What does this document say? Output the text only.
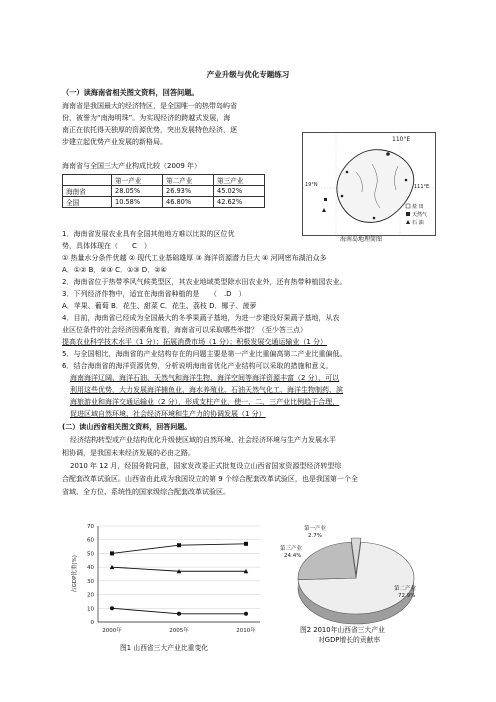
产业升级与优化专题练习
（一）读海南省相关图文资料，回答问题。
海南省是我国最大的经济特区，是全国唯一的热带岛屿省
份，被誉为“南海明珠”。为实现经济的跨越式发展，海
南正在依托得天独厚的资源优势，突出发展特色经济，逐
步建立起优势产业发展的新格局。
海南省与全国三大产业构成比较（2009 年）
	第一产业	第二产业	第三产业
海南省	28.05%	26.93%	45.02%
全国	10.58%	46.80%	42.62%
110°E
111°E
19°N
盐 田
天然气
石 油
海南岛地理简图
1．海南省发展农业具有全国其他地方难以比拟的区位优
势，具体体现在（　　C　）
① 热量水分条件优越 ② 现代工业基础雄厚 ③ 海洋资源潜力巨大 ④ 河网密布湖泊众多
A．①② B．②③ C．①③ D．②④
2．海南省位于热带季风气候类型区，其农业地域类型除水田农业外，还有热带种植园农业。
3．下列经济作物中，适宜在海南省种植的是　　（　.D　）
A．苹果、葡萄 B．花生、甜菜 C．花生、荔枝 D．椰子、菠萝
4．目前，海南省已经成为全国最大的冬季果蔬子基地，为进一步建设好果蔬子基地，从农
业区位条件的社会经济因素角度看，海南省可以采取哪些举措？（至少答三点）
提高农业科学技术水平（1 分）；拓展消费市场（1 分）；积极发展交通运输业（1 分）
5．与全国相比，海南省的产业结构存在的问题主要是第一产业比重偏高第二产业比重偏低。
6．结合海南省的海洋资源优势，分析说明海南省优化产业结构可以采取的措施和意义。
海南海洋辽阔、海洋石油、天然气和海洋生物、海洋空间等海洋资源丰富（2 分），可以
利用这些优势，大力发展海洋捕鱼业、海水养殖业、石油天然气化工、海洋生物制药、滨
海旅游业和海洋交通运输业（2 分），形成支柱产业，使一、二、三产业比例趋于合理，
促进区域自然环境、社会经济环境和生产力的协调发展（1 分）
(二）读山西省相关图文资料，回答问题。
经济结构转型或产业结构优化升级使区域的自然环境、社会经济环境与生产力发展水平
相协调，是我国未来经济发展的必由之路。
2010 年 12 月，经国务院同意，国家发改委正式批复设立山西省国家资源型经济转型综
合配套改革试验区。山西省由此成为我国设立的第 9 个综合配套改革试验区，也是我国第一个全
省域、全方位、系统性的国家级综合配套改革试验区。
0
10
20
30
40
50
60
70
2000年	2005年	2010年
占GDP比重(%)
图1 山西省三大产业比重变化
第一产业
2.7%
第二产业
72.9%
第三产业
24.4%
图2 2010年山西省三大产业
对GDP增长的贡献率
